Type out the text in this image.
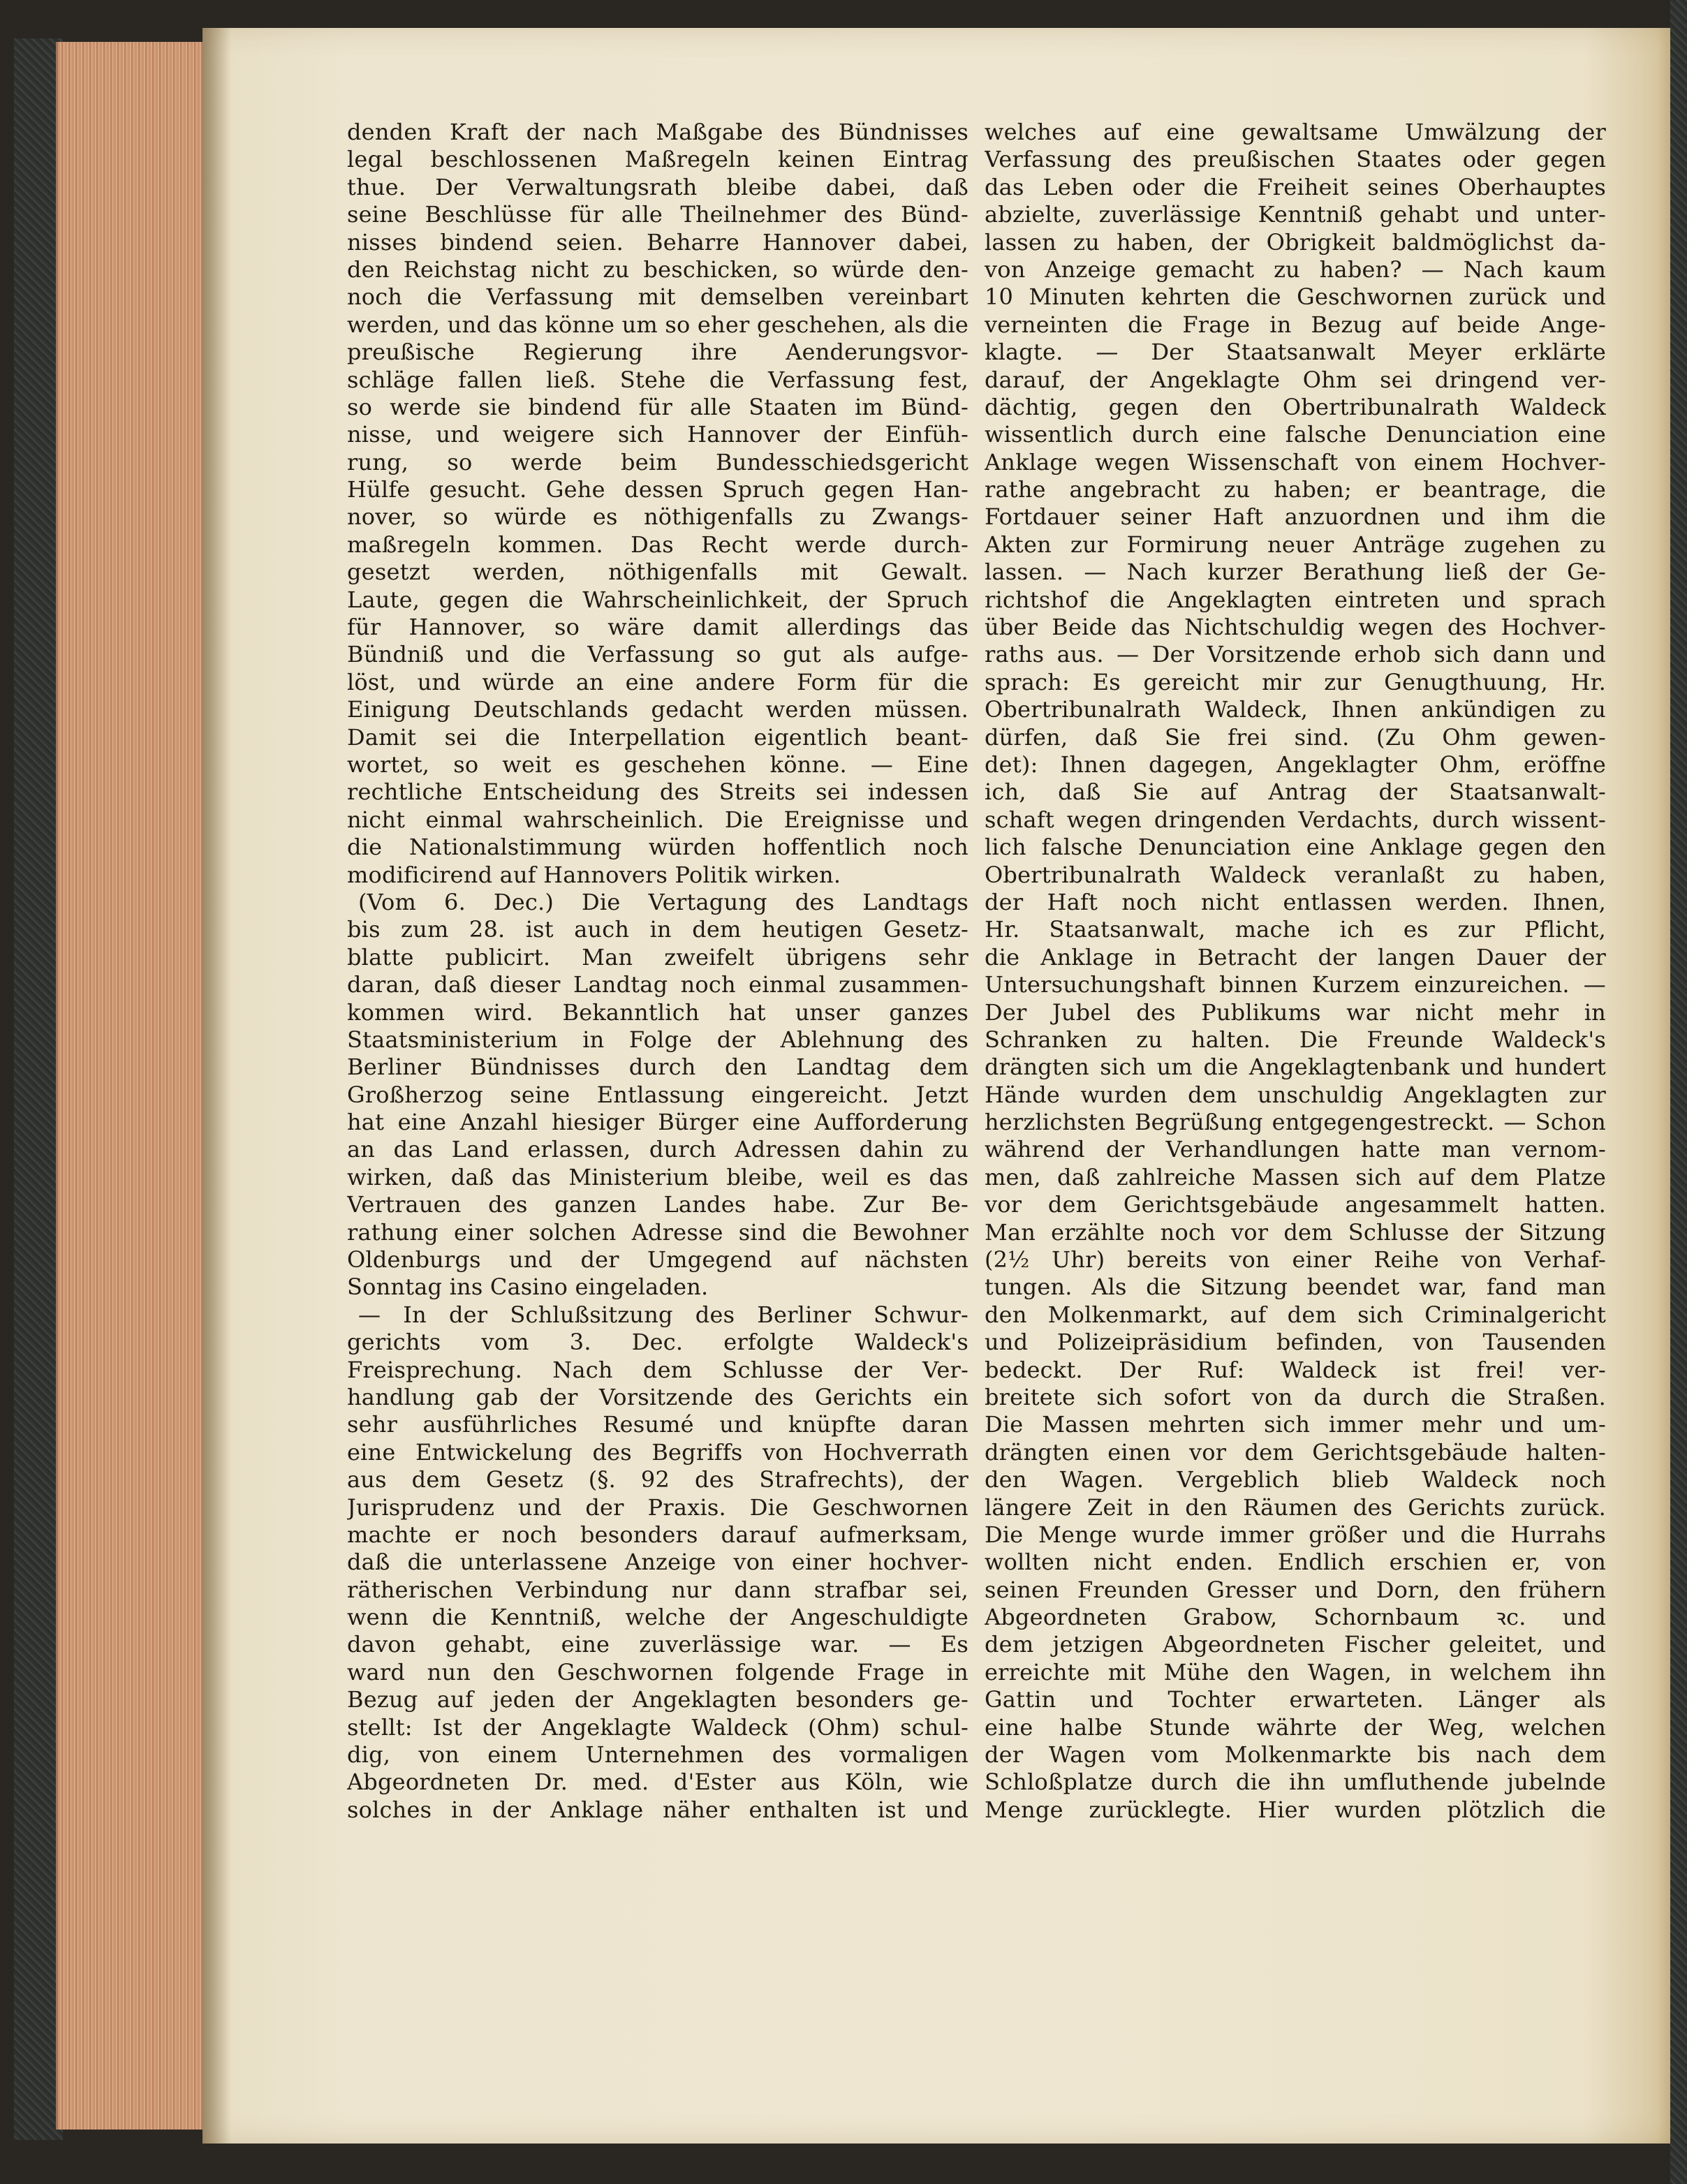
denden Kraft der nach Maßgabe des Bündnisses
legal beschlossenen Maßregeln keinen Eintrag
thue. Der Verwaltungsrath bleibe dabei, daß
seine Beschlüsse für alle Theilnehmer des Bünd-
nisses bindend seien. Beharre Hannover dabei,
den Reichstag nicht zu beschicken, so würde den-
noch die Verfassung mit demselben vereinbart
werden, und das könne um so eher geschehen, als die
preußische Regierung ihre Aenderungsvor-
schläge fallen ließ. Stehe die Verfassung fest,
so werde sie bindend für alle Staaten im Bünd-
nisse, und weigere sich Hannover der Einfüh-
rung, so werde beim Bundesschiedsgericht
Hülfe gesucht. Gehe dessen Spruch gegen Han-
nover, so würde es nöthigenfalls zu Zwangs-
maßregeln kommen. Das Recht werde durch-
gesetzt werden, nöthigenfalls mit Gewalt.
Laute, gegen die Wahrscheinlichkeit, der Spruch
für Hannover, so wäre damit allerdings das
Bündniß und die Verfassung so gut als aufge-
löst, und würde an eine andere Form für die
Einigung Deutschlands gedacht werden müssen.
Damit sei die Interpellation eigentlich beant-
wortet, so weit es geschehen könne. — Eine
rechtliche Entscheidung des Streits sei indessen
nicht einmal wahrscheinlich. Die Ereignisse und
die Nationalstimmung würden hoffentlich noch
modificirend auf Hannovers Politik wirken.
(Vom 6. Dec.) Die Vertagung des Landtags
bis zum 28. ist auch in dem heutigen Gesetz-
blatte publicirt. Man zweifelt übrigens sehr
daran, daß dieser Landtag noch einmal zusammen-
kommen wird. Bekanntlich hat unser ganzes
Staatsministerium in Folge der Ablehnung des
Berliner Bündnisses durch den Landtag dem
Großherzog seine Entlassung eingereicht. Jetzt
hat eine Anzahl hiesiger Bürger eine Aufforderung
an das Land erlassen, durch Adressen dahin zu
wirken, daß das Ministerium bleibe, weil es das
Vertrauen des ganzen Landes habe. Zur Be-
rathung einer solchen Adresse sind die Bewohner
Oldenburgs und der Umgegend auf nächsten
Sonntag ins Casino eingeladen.
— In der Schlußsitzung des Berliner Schwur-
gerichts vom 3. Dec. erfolgte Waldeck's
Freisprechung. Nach dem Schlusse der Ver-
handlung gab der Vorsitzende des Gerichts ein
sehr ausführliches Resumé und knüpfte daran
eine Entwickelung des Begriffs von Hochverrath
aus dem Gesetz (§. 92 des Strafrechts), der
Jurisprudenz und der Praxis. Die Geschwornen
machte er noch besonders darauf aufmerksam,
daß die unterlassene Anzeige von einer hochver-
rätherischen Verbindung nur dann strafbar sei,
wenn die Kenntniß, welche der Angeschuldigte
davon gehabt, eine zuverlässige war. — Es
ward nun den Geschwornen folgende Frage in
Bezug auf jeden der Angeklagten besonders ge-
stellt: Ist der Angeklagte Waldeck (Ohm) schul-
dig, von einem Unternehmen des vormaligen
Abgeordneten Dr. med. d'Ester aus Köln, wie
solches in der Anklage näher enthalten ist und
welches auf eine gewaltsame Umwälzung der
Verfassung des preußischen Staates oder gegen
das Leben oder die Freiheit seines Oberhauptes
abzielte, zuverlässige Kenntniß gehabt und unter-
lassen zu haben, der Obrigkeit baldmöglichst da-
von Anzeige gemacht zu haben? — Nach kaum
10 Minuten kehrten die Geschwornen zurück und
verneinten die Frage in Bezug auf beide Ange-
klagte. — Der Staatsanwalt Meyer erklärte
darauf, der Angeklagte Ohm sei dringend ver-
dächtig, gegen den Obertribunalrath Waldeck
wissentlich durch eine falsche Denunciation eine
Anklage wegen Wissenschaft von einem Hochver-
rathe angebracht zu haben; er beantrage, die
Fortdauer seiner Haft anzuordnen und ihm die
Akten zur Formirung neuer Anträge zugehen zu
lassen. — Nach kurzer Berathung ließ der Ge-
richtshof die Angeklagten eintreten und sprach
über Beide das Nichtschuldig wegen des Hochver-
raths aus. — Der Vorsitzende erhob sich dann und
sprach: Es gereicht mir zur Genugthuung, Hr.
Obertribunalrath Waldeck, Ihnen ankündigen zu
dürfen, daß Sie frei sind. (Zu Ohm gewen-
det): Ihnen dagegen, Angeklagter Ohm, eröffne
ich, daß Sie auf Antrag der Staatsanwalt-
schaft wegen dringenden Verdachts, durch wissent-
lich falsche Denunciation eine Anklage gegen den
Obertribunalrath Waldeck veranlaßt zu haben,
der Haft noch nicht entlassen werden. Ihnen,
Hr. Staatsanwalt, mache ich es zur Pflicht,
die Anklage in Betracht der langen Dauer der
Untersuchungshaft binnen Kurzem einzureichen. —
Der Jubel des Publikums war nicht mehr in
Schranken zu halten. Die Freunde Waldeck's
drängten sich um die Angeklagtenbank und hundert
Hände wurden dem unschuldig Angeklagten zur
herzlichsten Begrüßung entgegengestreckt. — Schon
während der Verhandlungen hatte man vernom-
men, daß zahlreiche Massen sich auf dem Platze
vor dem Gerichtsgebäude angesammelt hatten.
Man erzählte noch vor dem Schlusse der Sitzung
(2½ Uhr) bereits von einer Reihe von Verhaf-
tungen. Als die Sitzung beendet war, fand man
den Molkenmarkt, auf dem sich Criminalgericht
und Polizeipräsidium befinden, von Tausenden
bedeckt. Der Ruf: Waldeck ist frei! ver-
breitete sich sofort von da durch die Straßen.
Die Massen mehrten sich immer mehr und um-
drängten einen vor dem Gerichtsgebäude halten-
den Wagen. Vergeblich blieb Waldeck noch
längere Zeit in den Räumen des Gerichts zurück.
Die Menge wurde immer größer und die Hurrahs
wollten nicht enden. Endlich erschien er, von
seinen Freunden Gresser und Dorn, den frühern
Abgeordneten Grabow, Schornbaum ꝛc. und
dem jetzigen Abgeordneten Fischer geleitet, und
erreichte mit Mühe den Wagen, in welchem ihn
Gattin und Tochter erwarteten. Länger als
eine halbe Stunde währte der Weg, welchen
der Wagen vom Molkenmarkte bis nach dem
Schloßplatze durch die ihn umfluthende jubelnde
Menge zurücklegte. Hier wurden plötzlich die
